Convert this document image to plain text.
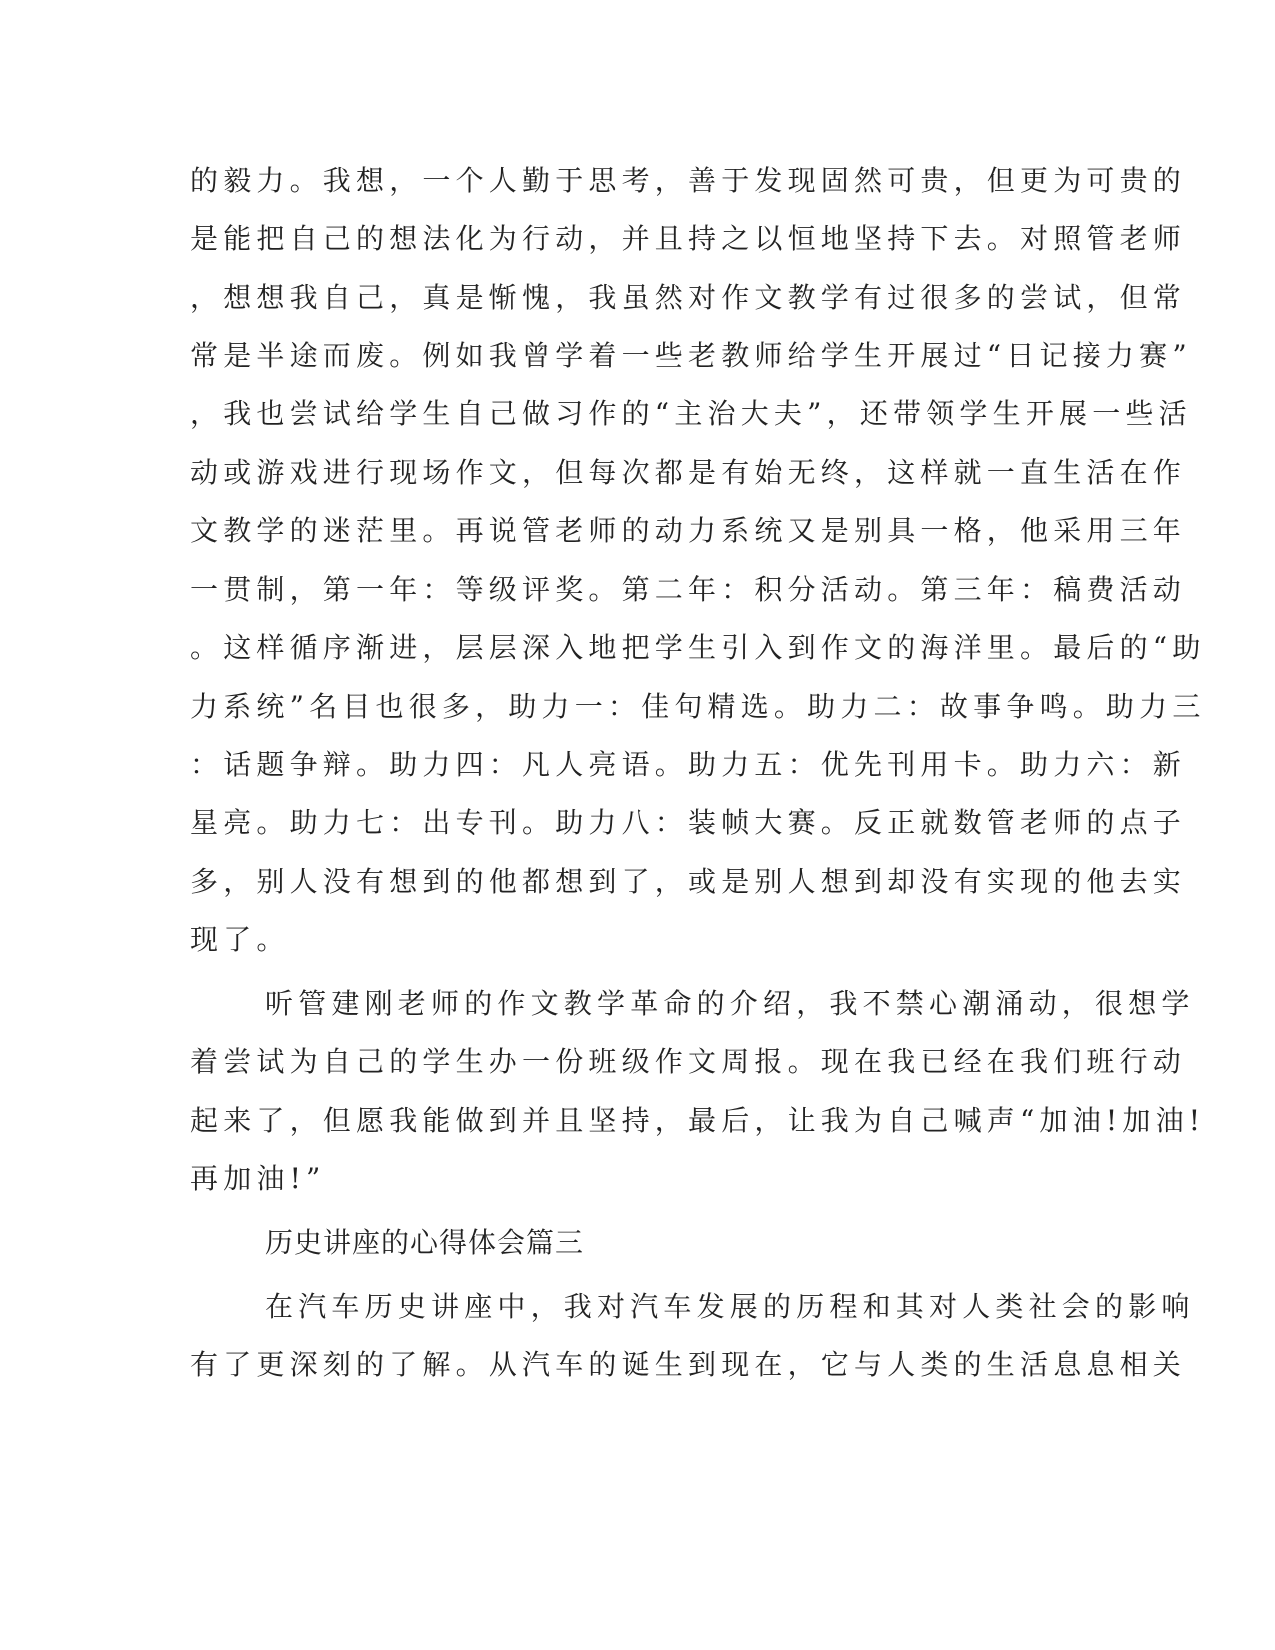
的毅力。我想，一个人勤于思考，善于发现固然可贵，但更为可贵的
是能把自己的想法化为行动，并且持之以恒地坚持下去。对照管老师
，想想我自己，真是惭愧，我虽然对作文教学有过很多的尝试，但常
常是半途而废。例如我曾学着一些老教师给学生开展过“日记接力赛”
，我也尝试给学生自己做习作的“主治大夫”，还带领学生开展一些活
动或游戏进行现场作文，但每次都是有始无终，这样就一直生活在作
文教学的迷茫里。再说管老师的动力系统又是别具一格，他采用三年
一贯制，第一年：等级评奖。第二年：积分活动。第三年：稿费活动
。这样循序渐进，层层深入地把学生引入到作文的海洋里。最后的“助
力系统”名目也很多，助力一：佳句精选。助力二：故事争鸣。助力三
：话题争辩。助力四：凡人亮语。助力五：优先刊用卡。助力六：新
星亮。助力七：出专刊。助力八：装帧大赛。反正就数管老师的点子
多，别人没有想到的他都想到了，或是别人想到却没有实现的他去实
现了。
听管建刚老师的作文教学革命的介绍，我不禁心潮涌动，很想学
着尝试为自己的学生办一份班级作文周报。现在我已经在我们班行动
起来了，但愿我能做到并且坚持，最后，让我为自己喊声“加油!加油!
再加油!”
历史讲座的心得体会篇三
在汽车历史讲座中，我对汽车发展的历程和其对人类社会的影响
有了更深刻的了解。从汽车的诞生到现在，它与人类的生活息息相关
